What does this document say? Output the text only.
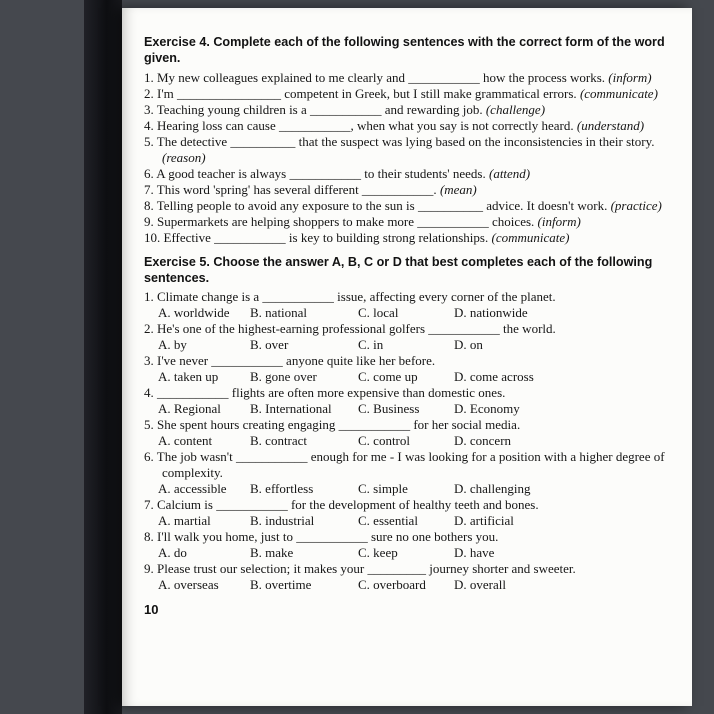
Exercise 4. Complete each of the following sentences with the correct form of the word given.
1. My new colleagues explained to me clearly and ___________ how the process works. (inform)
2. I'm ________________ competent in Greek, but I still make grammatical errors. (communicate)
3. Teaching young children is a ___________ and rewarding job. (challenge)
4. Hearing loss can cause ___________, when what you say is not correctly heard. (understand)
5. The detective __________ that the suspect was lying based on the inconsistencies in their story. (reason)
6. A good teacher is always ___________ to their students' needs. (attend)
7. This word 'spring' has several different ___________. (mean)
8. Telling people to avoid any exposure to the sun is __________ advice. It doesn't work. (practice)
9. Supermarkets are helping shoppers to make more ___________ choices. (inform)
10. Effective ___________ is key to building strong relationships. (communicate)
Exercise 5. Choose the answer A, B, C or D that best completes each of the following sentences.
1. Climate change is a ___________ issue, affecting every corner of the planet.
A. worldwide	B. national	C. local	D. nationwide
2. He's one of the highest-earning professional golfers ___________ the world.
A. by	B. over	C. in	D. on
3. I've never ___________ anyone quite like her before.
A. taken up	B. gone over	C. come up	D. come across
4. ___________ flights are often more expensive than domestic ones.
A. Regional	B. International	C. Business	D. Economy
5. She spent hours creating engaging ___________ for her social media.
A. content	B. contract	C. control	D. concern
6. The job wasn't ___________ enough for me - I was looking for a position with a higher degree of complexity.
A. accessible	B. effortless	C. simple	D. challenging
7. Calcium is ___________ for the development of healthy teeth and bones.
A. martial	B. industrial	C. essential	D. artificial
8. I'll walk you home, just to ___________ sure no one bothers you.
A. do	B. make	C. keep	D. have
9. Please trust our selection; it makes your _________ journey shorter and sweeter.
A. overseas	B. overtime	C. overboard	D. overall
10
